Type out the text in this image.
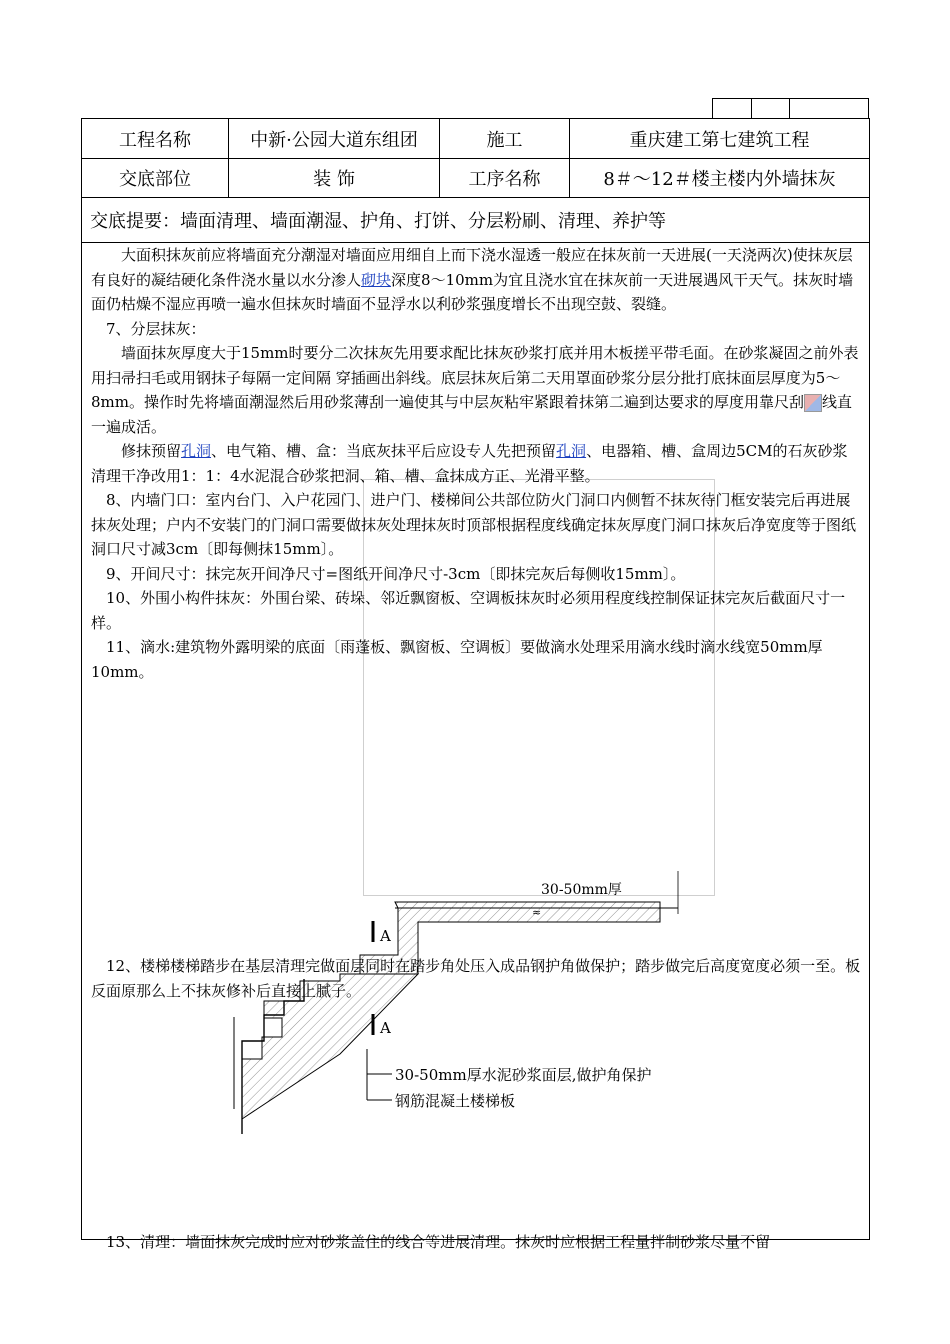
工程名称	中新·公园大道东组团	施工	重庆建工第七建筑工程
交底部位	装 饰	工序名称	8＃～12＃楼主楼内外墙抹灰
交底提要：墙面清理、墙面潮湿、护角、打饼、分层粉刷、清理、养护等

大面积抹灰前应将墙面充分潮湿对墙面应用细自上而下浇水湿透一般应在抹灰前一天进展(一天浇两次)使抹灰层有良好的凝结硬化条件浇水量以水分渗人砌块深度8～10mm为宜且浇水宜在抹灰前一天进展遇风干天气。抹灰时墙面仍枯燥不湿应再喷一遍水但抹灰时墙面不显浮水以利砂浆强度增长不出现空鼓、裂缝。

7、分层抹灰：

墙面抹灰厚度大于15mm时要分二次抹灰先用要求配比抹灰砂浆打底并用木板搓平带毛面。在砂浆凝固之前外表用扫帚扫毛或用钢抹子每隔一定间隔 穿插画出斜线。底层抹灰后第二天用罩面砂浆分层分批打底抹面层厚度为5～8mm。操作时先将墙面潮湿然后用砂浆薄刮一遍使其与中层灰粘牢紧跟着抹第二遍到达要求的厚度用靠尺刮 线直一遍成活。

修抹预留孔洞、电气箱、槽、盒：当底灰抹平后应设专人先把预留孔洞、电器箱、槽、盒周边5CM的石灰砂浆清理干净改用1：1：4水泥混合砂浆把洞、箱、槽、盒抹成方正、光滑平整。

8、内墙门口：室内台门、入户花园门、进户门、楼梯间公共部位防火门洞口内侧暂不抹灰待门框安装完后再进展抹灰处理；户内不安装门的门洞口需要做抹灰处理抹灰时顶部根据程度线确定抹灰厚度门洞口抹灰后净宽度等于图纸洞口尺寸减3cm〔即每侧抹15mm〕。

9、开间尺寸：抹完灰开间净尺寸=图纸开间净尺寸-3cm〔即抹完灰后每侧收15mm〕。

10、外围小构件抹灰：外围台梁、砖垛、邻近飘窗板、空调板抹灰时必须用程度线控制保证抹完灰后截面尺寸一样。

11、滴水:建筑物外露明梁的底面〔雨蓬板、飘窗板、空调板〕要做滴水处理采用滴水线时滴水线宽50mm厚10mm。

30-50mm厚
≈
A
A
30-50mm厚水泥砂浆面层,做护角保护
钢筋混凝土楼梯板

12、楼梯楼梯踏步在基层清理完做面层同时在踏步角处压入成品钢护角做保护；踏步做完后高度宽度必须一至。板反面原那么上不抹灰修补后直接上腻子。

13、清理：墙面抹灰完成时应对砂浆盖住的线合等进展清理。抹灰时应根据工程量拌制砂浆尽量不留
